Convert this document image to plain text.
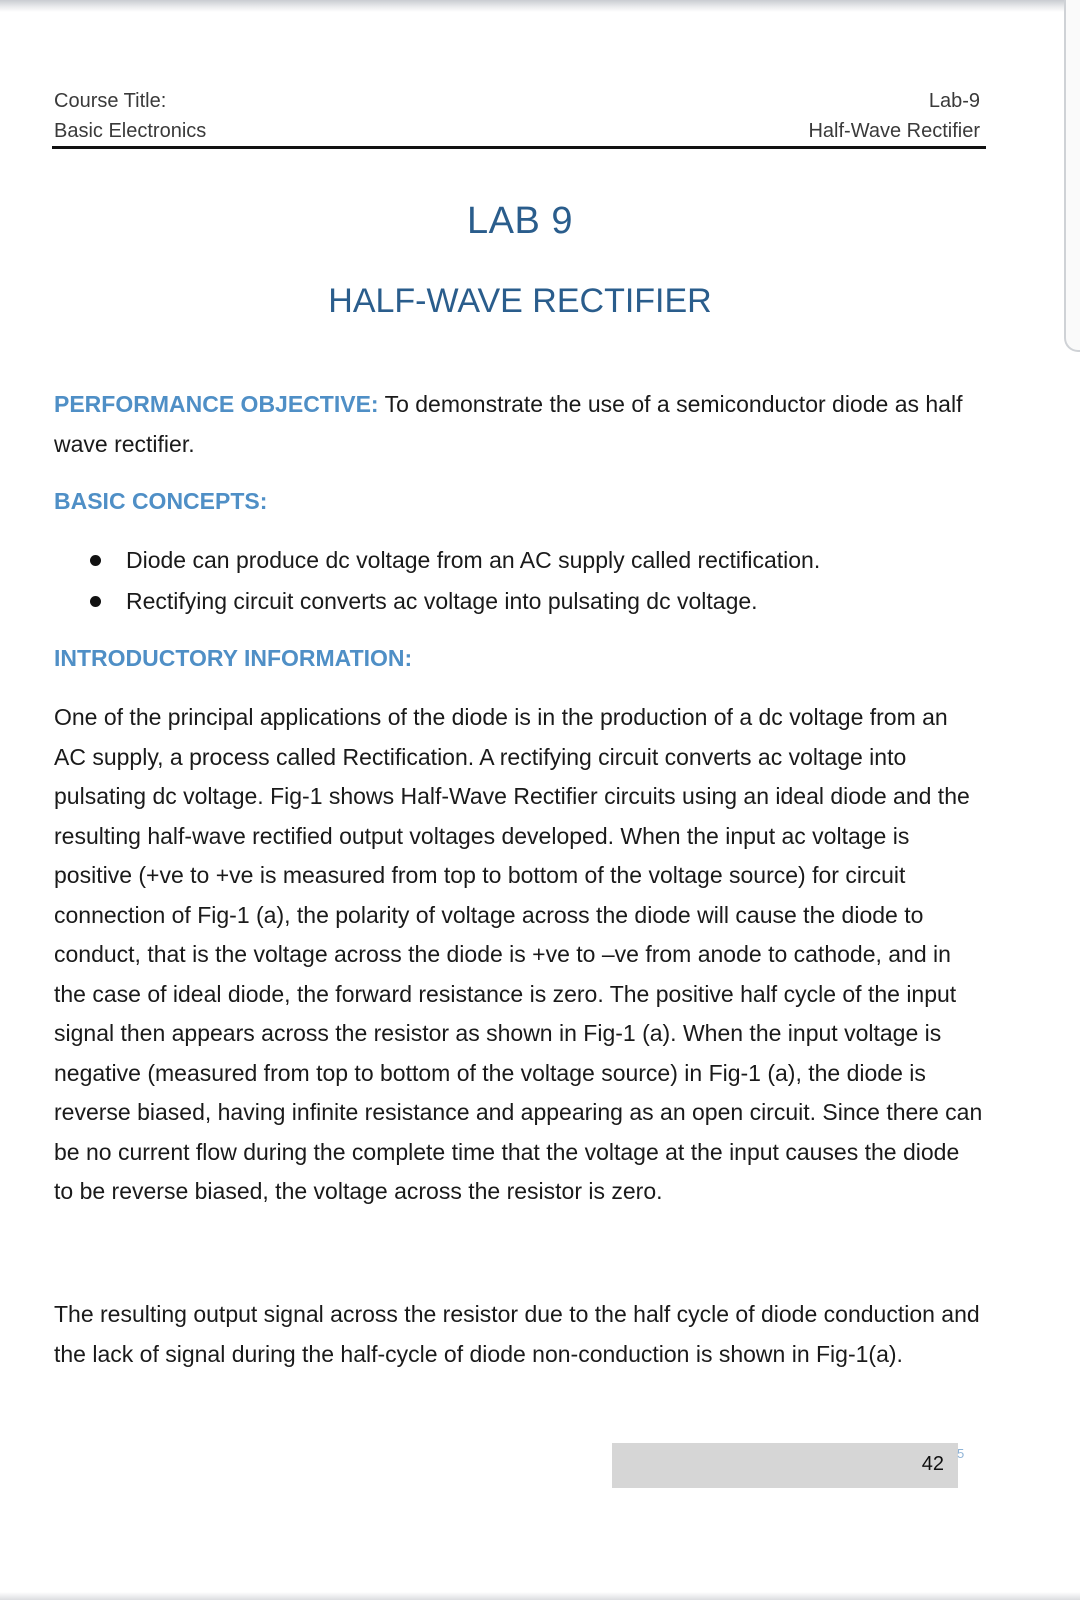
Course Title:
Basic Electronics
Lab-9
Half-Wave Rectifier
LAB 9
HALF-WAVE RECTIFIER

PERFORMANCE OBJECTIVE: To demonstrate the use of a semiconductor diode as half wave rectifier.

BASIC CONCEPTS:
Diode can produce dc voltage from an AC supply called rectification.
Rectifying circuit converts ac voltage into pulsating dc voltage.
INTRODUCTORY INFORMATION:

One of the principal applications of the diode is in the production of a dc voltage from an AC supply, a process called Rectification. A rectifying circuit converts ac voltage into pulsating dc voltage. Fig-1 shows Half-Wave Rectifier circuits using an ideal diode and the resulting half-wave rectified output voltages developed. When the input ac voltage is positive (+ve to +ve is measured from top to bottom of the voltage source) for circuit connection of Fig-1 (a), the polarity of voltage across the diode will cause the diode to conduct, that is the voltage across the diode is +ve to –ve from anode to cathode, and in the case of ideal diode, the forward resistance is zero. The positive half cycle of the input signal then appears across the resistor as shown in Fig-1 (a). When the input voltage is negative (measured from top to bottom of the voltage source) in Fig-1 (a), the diode is reverse biased, having infinite resistance and appearing as an open circuit. Since there can be no current flow during the complete time that the voltage at the input causes the diode to be reverse biased, the voltage across the resistor is zero.

The resulting output signal across the resistor due to the half cycle of diode conduction and the lack of signal during the half-cycle of diode non-conduction is shown in Fig-1(a).

42 5
